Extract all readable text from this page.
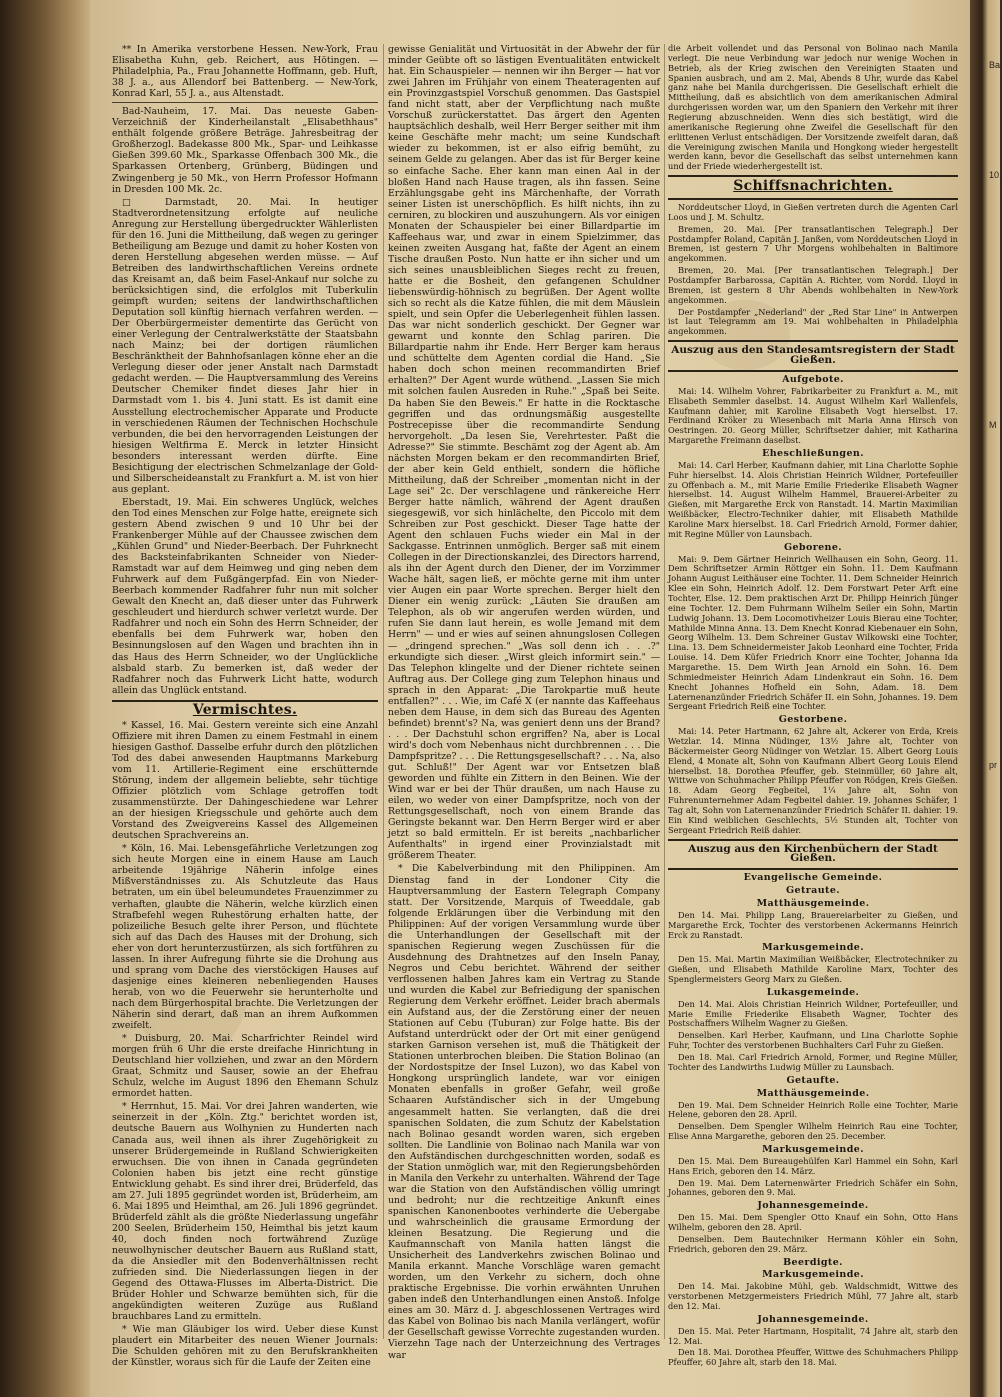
** In Amerika verstorbene Hessen. New-York, Frau Elisabetha Kuhn, geb. Reichert, aus Hötingen. — Philadelphia, Pa., Frau Johannette Hoffmann, geb. Huft, 38 J. a., aus Allendorf bei Battenberg. — New-York, Konrad Karl, 55 J. a., aus Altenstadt.

Bad-Nauheim, 17. Mai. Das neueste Gaben-Verzeichniß der Kinderheilanstalt „Elisabethhaus" enthält folgende größere Beträge. Jahresbeitrag der Großherzogl. Badekasse 800 Mk., Spar- und Leihkasse Gießen 399.60 Mk., Sparkasse Offenbach 300 Mk., die Sparkassen Ortenberg, Grünberg, Büdingen und Zwingenberg je 50 Mk., von Herrn Professor Hofmann in Dresden 100 Mk. 2c.

□ Darmstadt, 20. Mai. In heutiger Stadtverordnetensitzung erfolgte auf neuliche Anregung zur Herstellung übergedruckter Wählerlisten für den 16. Juni die Mittheilung, daß wegen zu geringer Betheiligung am Bezuge und damit zu hoher Kosten von deren Herstellung abgesehen werden müsse. — Auf Betreiben des landwirthschaftlichen Vereins ordnete das Kreisamt an, daß beim Fasel-Ankauf nur solche zu berücksichtigen sind, die erfolglos mit Tuberkulin geimpft wurden; seitens der landwirthschaftlichen Deputation soll künftig hiernach verfahren werden. — Der Oberbürgermeister dementirte das Gerücht von einer Verlegung der Centralwerkstätte der Staatsbahn nach Mainz; bei der dortigen räumlichen Beschränktheit der Bahnhofsanlagen könne eher an die Verlegung dieser oder jener Anstalt nach Darmstadt gedacht werden. — Die Hauptversammlung des Vereins Deutscher Chemiker findet dieses Jahr hier in Darmstadt vom 1. bis 4. Juni statt. Es ist damit eine Ausstellung electrochemischer Apparate und Producte in verschiedenen Räumen der Technischen Hochschule verbunden, die bei den hervorragenden Leistungen der hiesigen Weltfirma E. Merck in letzter Hinsicht besonders interessant werden dürfte. Eine Besichtigung der electrischen Schmelzanlage der Gold- und Silberscheideanstalt zu Frankfurt a. M. ist von hier aus geplant.

Eberstadt, 19. Mai. Ein schweres Unglück, welches den Tod eines Menschen zur Folge hatte, ereignete sich gestern Abend zwischen 9 und 10 Uhr bei der Frankenberger Mühle auf der Chaussee zwischen dem „Kühlen Grund" und Nieder-Beerbach. Der Fuhrknecht des Backsteinfabrikanten Schneider von Nieder-Ramstadt war auf dem Heimweg und ging neben dem Fuhrwerk auf dem Fußgängerpfad. Ein von Nieder-Beerbach kommender Radfahrer fuhr nun mit solcher Gewalt den Knecht an, daß dieser unter das Fuhrwerk geschleudert und hierdurch schwer verletzt wurde. Der Radfahrer und noch ein Sohn des Herrn Schneider, der ebenfalls bei dem Fuhrwerk war, hoben den Besinnungslosen auf den Wagen und brachten ihn in das Haus des Herrn Schneider, wo der Unglückliche alsbald starb. Zu bemerken ist, daß weder der Radfahrer noch das Fuhrwerk Licht hatte, wodurch allein das Unglück entstand.

Vermischtes.

* Kassel, 16. Mai. Gestern vereinte sich eine Anzahl Offiziere mit ihren Damen zu einem Festmahl in einem hiesigen Gasthof. Dasselbe erfuhr durch den plötzlichen Tod des dabei anwesenden Hauptmanns Markeburg vom 11. Artillerie-Regiment eine erschütternde Störung, indem der allgemein beliebte, sehr tüchtige Offizier plötzlich vom Schlage getroffen todt zusammenstürzte. Der Dahingeschiedene war Lehrer an der hiesigen Kriegsschule und gehörte auch dem Vorstand des Zweigvereins Kassel des Allgemeinen deutschen Sprachvereins an.

* Köln, 16. Mai. Lebensgefährliche Verletzungen zog sich heute Morgen eine in einem Hause am Lauch arbeitende 19jährige Näherin infolge eines Mißverständnisses zu. Als Schutzleute das Haus betraten, um ein übel beleumundetes Frauenzimmer zu verhaften, glaubte die Näherin, welche kürzlich einen Strafbefehl wegen Ruhestörung erhalten hatte, der polizeiliche Besuch gelte ihrer Person, und flüchtete sich auf das Dach des Hauses mit der Drohung, sich eher von dort herunterzustürzen, als sich fortführen zu lassen. In ihrer Aufregung führte sie die Drohung aus und sprang vom Dache des vierstöckigen Hauses auf dasjenige eines kleineren nebenliegenden Hauses herab, von wo die Feuerwehr sie herunterholte und nach dem Bürgerhospital brachte. Die Verletzungen der Näherin sind derart, daß man an ihrem Aufkommen zweifelt.

* Duisburg, 20. Mai. Scharfrichter Reindel wird morgen früh 6 Uhr die erste dreifache Hinrichtung in Deutschland hier vollziehen, und zwar an den Mördern Graat, Schmitz und Sauser, sowie an der Ehefrau Schulz, welche im August 1896 den Ehemann Schulz ermordet hatten.

* Herrnhut, 15. Mai. Vor drei Jahren wanderten, wie seinerzeit in der „Köln. Ztg." berichtet worden ist, deutsche Bauern aus Wolhynien zu Hunderten nach Canada aus, weil ihnen als ihrer Zugehörigkeit zu unserer Brüdergemeinde in Rußland Schwierigkeiten erwuchsen. Die von ihnen in Canada gegründeten Colonien haben bis jetzt eine recht günstige Entwicklung gehabt. Es sind ihrer drei, Brüderfeld, das am 27. Juli 1895 gegründet worden ist, Brüderheim, am 6. Mai 1895 und Heimthal, am 26. Juli 1896 gegründet. Brüderfeld zählt als die größte Niederlassung ungefähr 200 Seelen, Brüderheim 150, Heimthal bis jetzt kaum 40, doch finden noch fortwährend Zuzüge neuwolhynischer deutscher Bauern aus Rußland statt, da die Ansiedler mit den Bodenverhältnissen recht zufrieden sind. Die Niederlassungen liegen in der Gegend des Ottawa-Flusses im Alberta-District. Die Brüder Hohler und Schwarze bemühten sich, für die angekündigten weiteren Zuzüge aus Rußland brauchbares Land zu ermitteln.

* Wie man Gläubiger los wird. Ueber diese Kunst plaudert ein Mitarbeiter des neuen Wiener Journals: Die Schulden gehören mit zu den Berufskrankheiten der Künstler, woraus sich für die Laufe der Zeiten eine

gewisse Genialität und Virtuosität in der Abwehr der für minder Geübte oft so lästigen Eventualitäten entwickelt hat. Ein Schauspieler — nennen wir ihn Berger — hat vor zwei Jahren im Frühjahr von einem Theateragenten auf ein Provinzgastspiel Vorschuß genommen. Das Gastspiel fand nicht statt, aber der Verpflichtung nach mußte Vorschuß zurückerstattet. Das ärgert den Agenten hauptsächlich deshalb, weil Herr Berger seither mit ihm keine Geschäfte mehr macht; um seine Kundschaft wieder zu bekommen, ist er also eifrig bemüht, zu seinem Gelde zu gelangen. Aber das ist für Berger keine so einfache Sache. Eher kann man einen Aal in der bloßen Hand nach Hause tragen, als ihn fassen. Seine Erzählungsgabe geht ins Märchenhafte, der Vorrath seiner Listen ist unerschöpflich. Es hilft nichts, ihn zu cerniren, zu blockiren und auszuhungern. Als vor einigen Monaten der Schauspieler bei einer Billardpartie im Kaffeehaus war, und zwar in einem Spielzimmer, das keinen zweiten Ausgang hat, faßte der Agent an einem Tische draußen Posto. Nun hatte er ihn sicher und um sich seines unausbleiblichen Sieges recht zu freuen, hatte er die Bosheit, den gefangenen Schuldner liebenswürdig-höhnisch zu begrüßen. Der Agent wollte sich so recht als die Katze fühlen, die mit dem Mäuslein spielt, und sein Opfer die Ueberlegenheit fühlen lassen. Das war nicht sonderlich geschickt. Der Gegner war gewarnt und konnte den Schlag pariren. Die Billardpartie nahm ihr Ende. Herr Berger kam heraus und schüttelte dem Agenten cordial die Hand. „Sie haben doch schon meinen recommandirten Brief erhalten?" Der Agent wurde wüthend. „Lassen Sie mich mit solchen faulen Ausreden in Ruhe." „Spaß bei Seite. Da haben Sie den Beweis." Er hatte in die Rocktasche gegriffen und das ordnungsmäßig ausgestellte Postrecepisse über die recommandirte Sendung hervorgeholt. „Da lesen Sie, Verehrtester. Paßt die Adresse?" Sie stimmte. Beschämt zog der Agent ab. Am nächsten Morgen bekam er den recommandirten Brief, der aber kein Geld enthielt, sondern die höfliche Mittheilung, daß der Schreiber „momentan nicht in der Lage sei" 2c. Der verschlagene und ränkereiche Herr Berger hatte nämlich, während der Agent draußen siegesgewiß, vor sich hinlächelte, den Piccolo mit dem Schreiben zur Post geschickt. Dieser Tage hatte der Agent den schlauen Fuchs wieder ein Mal in der Sackgasse. Entrinnen unmöglich. Berger saß mit einem Collegen in der Directionskanzlei, des Directors harrend, als ihn der Agent durch den Diener, der im Vorzimmer Wache hält, sagen ließ, er möchte gerne mit ihm unter vier Augen ein paar Worte sprechen. Berger hielt den Diener ein wenig zurück: „Läuten Sie draußen am Telephon, als ob wir angerufen werden würden, und rufen Sie dann laut herein, es wolle Jemand mit dem Herrn" — und er wies auf seinen ahnungslosen Collegen — „dringend sprechen." „Was soll denn ich . . .?" erkundigte sich dieser. „Wirst gleich informirt sein." — Das Telephon klingelte und der Diener richtete seinen Auftrag aus. Der College ging zum Telephon hinaus und sprach in den Apparat: „Die Tarokpartie muß heute entfallen?" . . . Wie, im Café X (er nannte das Kaffeehaus neben dem Hause, in dem sich das Bureau des Agenten befindet) brennt's? Na, was geniert denn uns der Brand? . . . Der Dachstuhl schon ergriffen? Na, aber is Local wird's doch vom Nebenhaus nicht durchbrennen . . . Die Dampfspritze? . . . Die Rettungsgesellschaft? . . . Na, also gut. Schluß!" Der Agent war vor Entsetzen blaß geworden und fühlte ein Zittern in den Beinen. Wie der Wind war er bei der Thür draußen, um nach Hause zu eilen, wo weder von einer Dampfspritze, noch von der Rettungsgesellschaft, noch von einem Brande das Geringste bekannt war. Den Herrn Berger wird er aber jetzt so bald ermitteln. Er ist bereits „nachbarlicher Aufenthalts" in irgend einer Provinzialstadt mit größerem Theater.

* Die Kabelverbindung mit den Philippinen. Am Dienstag fand in der Londoner City die Hauptversammlung der Eastern Telegraph Company statt. Der Vorsitzende, Marquis of Tweeddale, gab folgende Erklärungen über die Verbindung mit den Philippinen: Auf der vorigen Versammlung wurde über die Unterhandlungen der Gesellschaft mit der spanischen Regierung wegen Zuschüssen für die Ausdehnung des Drahtnetzes auf den Inseln Panay, Negros und Cebu berichtet. Während der seither verflossenen halben Jahres kam ein Vertrag zu Stande und wurden die Kabel zur Befriedigung der spanischen Regierung dem Verkehr eröffnet. Leider brach abermals ein Aufstand aus, der die Zerstörung einer der neuen Stationen auf Cebu (Tuburan) zur Folge hatte. Bis der Aufstand unterdrückt oder der Ort mit einer genügend starken Garnison versehen ist, muß die Thätigkeit der Stationen unterbrochen bleiben. Die Station Bolinao (an der Nordostspitze der Insel Luzon), wo das Kabel von Hongkong ursprünglich landete, war vor einigen Monaten ebenfalls in großer Gefahr, weil große Schaaren Aufständischer sich in der Umgebung angesammelt hatten. Sie verlangten, daß die drei spanischen Soldaten, die zum Schutz der Kabelstation nach Bolinao gesandt worden waren, sich ergeben sollten. Die Landlinie von Bolinao nach Manila war von den Aufständischen durchgeschnitten worden, sodaß es der Station unmöglich war, mit den Regierungsbehörden in Manila den Verkehr zu unterhalten. Während der Tage war die Station von den Aufständischen völlig umringt und bedroht; nur die rechtzeitige Ankunft eines spanischen Kanonenbootes verhinderte die Uebergabe und wahrscheinlich die grausame Ermordung der kleinen Besatzung. Die Regierung und die Kaufmannschaft von Manila hatten längst die Unsicherheit des Landverkehrs zwischen Bolinao und Manila erkannt. Manche Vorschläge waren gemacht worden, um den Verkehr zu sichern, doch ohne praktische Ergebnisse. Die vorhin erwähnten Unruhen gaben indeß den Unterhandlungen einen Anstoß. Infolge eines am 30. März d. J. abgeschlossenen Vertrages wird das Kabel von Bolinao bis nach Manila verlängert, wofür der Gesellschaft gewisse Vorrechte zugestanden wurden. Vierzehn Tage nach der Unterzeichnung des Vertrages war

die Arbeit vollendet und das Personal von Bolinao nach Manila verlegt. Die neue Verbindung war jedoch nur wenige Wochen in Betrieb, als der Krieg zwischen den Vereinigten Staaten und Spanien ausbrach, und am 2. Mai, Abends 8 Uhr, wurde das Kabel ganz nahe bei Manila durchgerissen. Die Gesellschaft erhielt die Mittheilung, daß es absichtlich von dem amerikanischen Admiral durchgerissen worden war, um den Spaniern den Verkehr mit ihrer Regierung abzuschneiden. Wenn dies sich bestätigt, wird die amerikanische Regierung ohne Zweifel die Gesellschaft für den erlittenen Verlust entschädigen. Der Vorsitzende zweifelt daran, daß die Vereinigung zwischen Manila und Hongkong wieder hergestellt werden kann, bevor die Gesellschaft das selbst unternehmen kann und der Friede wiederhergestellt ist.

Schiffsnachrichten.

Norddeutscher Lloyd, in Gießen vertreten durch die Agenten Carl Loos und J. M. Schultz.

Bremen, 20. Mai. [Per transatlantischen Telegraph.] Der Postdampfer Roland, Capitän J. Janßen, vom Norddeutschen Lloyd in Bremen, ist gestern 7 Uhr Morgens wohlbehalten in Baltimore angekommen.

Bremen, 20. Mai. [Per transatlantischen Telegraph.] Der Postdampfer Barbarossa, Capitän A. Richter, vom Nordd. Lloyd in Bremen, ist gestern 8 Uhr Abends wohlbehalten in New-York angekommen.

Der Postdampfer „Nederland" der „Red Star Line" in Antwerpen ist laut Telegramm am 19. Mai wohlbehalten in Philadelphia angekommen.

Auszug aus den Standesamtsregistern der Stadt Gießen.
Aufgebote.

Mai: 14. Wilhelm Vohrer, Fabrikarbeiter zu Frankfurt a. M., mit Elisabeth Semmler daselbst. 14. August Wilhelm Karl Wallenfels, Kaufmann dahier, mit Karoline Elisabeth Vogt hierselbst. 17. Ferdinand Kröker zu Wiesenbach mit Maria Anna Hirsch von Oestringen. 20. Georg Müller, Schriftsetzer dahier, mit Katharina Margarethe Freimann daselbst.

Eheschließungen.

Mai: 14. Carl Herber, Kaufmann dahier, mit Lina Charlotte Sophie Fuhr hierselbst. 14. Alois Christian Heinrich Wildner, Portefeuiller zu Offenbach a. M., mit Marie Emilie Friederike Elisabeth Wagner hierselbst. 14. August Wilhelm Hammel, Brauerei-Arbeiter zu Gießen, mit Margarethe Erck von Ranstadt. 14. Martin Maximilian Weißbäcker, Electro-Techniker dahier, mit Elisabeth Mathilde Karoline Marx hierselbst. 18. Carl Friedrich Arnold, Former dahier, mit Regine Müller von Launsbach.

Geborene.

Mai: 9. Dem Gärtner Heinrich Wellhausen ein Sohn, Georg. 11. Dem Schriftsetzer Armin Röttger ein Sohn. 11. Dem Kaufmann Johann August Leithäuser eine Tochter. 11. Dem Schneider Heinrich Klee ein Sohn, Heinrich Adolf. 12. Dem Forstwart Peter Arft eine Tochter, Else. 12. Dem praktischen Arzt Dr. Philipp Heinrich Jünger eine Tochter. 12. Dem Fuhrmann Wilhelm Seiler ein Sohn, Martin Ludwig Johann. 13. Dem Locomotivheizer Louis Bierau eine Tochter, Mathilde Minna Anna. 13. Dem Knecht Konrad Kiebenauer ein Sohn, Georg Wilhelm. 13. Dem Schreiner Gustav Wilkowski eine Tochter, Lina. 13. Dem Schneidermeister Jakob Leonhard eine Tochter, Frida Louise. 14. Dem Küfer Friedrich Knorr eine Tochter, Johanna Ida Margarethe. 15. Dem Wirth Jean Arnold ein Sohn. 16. Dem Schmiedmeister Heinrich Adam Lindenkraut ein Sohn. 16. Dem Knecht Johannes Hofheld ein Sohn, Adam. 18. Dem Laternenanzünder Friedrich Schäfer II. ein Sohn, Johannes. 19. Dem Sergeant Friedrich Reiß eine Tochter.

Gestorbene.

Mai: 14. Peter Hartmann, 62 Jahre alt, Ackerer von Erda, Kreis Wetzlar. 14. Minna Nüdinger, 13½ Jahre alt, Tochter von Bäckermeister Georg Nüdinger von Wetzlar. 15. Albert Georg Louis Elend, 4 Monate alt, Sohn von Kaufmann Albert Georg Louis Elend hierselbst. 18. Dorothea Pfeuffer, geb. Steinmüller, 60 Jahre alt, Wittwe von Schuhmacher Philipp Pfeuffer von Rödgen, Kreis Gießen. 18. Adam Georg Fegbeitel, 1¼ Jahre alt, Sohn von Fuhrenunternehmer Adam Fegbeitel dahier. 19. Johannes Schäfer, 1 Tag alt, Sohn von Laternenanzünder Friedrich Schäfer II. dahier. 19. Ein Kind weiblichen Geschlechts, 5½ Stunden alt, Tochter von Sergeant Friedrich Reiß dahier.

Auszug aus den Kirchenbüchern der Stadt Gießen.
Evangelische Gemeinde.
Getraute.
Matthäusgemeinde.

Den 14. Mai. Philipp Lang, Brauereiarbeiter zu Gießen, und Margarethe Erck, Tochter des verstorbenen Ackermanns Heinrich Erck zu Ranstadt.

Markusgemeinde.

Den 15. Mai. Martin Maximilian Weißbäcker, Electrotechniker zu Gießen, und Elisabeth Mathilde Karoline Marx, Tochter des Spenglermeisters Georg Marx zu Gießen.

Lukasgemeinde.

Den 14. Mai. Alois Christian Heinrich Wildner, Portefeuiller, und Marie Emilie Friederike Elisabeth Wagner, Tochter des Postschaffners Wilhelm Wagner zu Gießen.

Denselben. Karl Herber, Kaufmann, und Lina Charlotte Sophie Fuhr, Tochter des verstorbenen Buchhalters Carl Fuhr zu Gießen.

Den 18. Mai. Carl Friedrich Arnold, Former, und Regine Müller, Tochter des Landwirths Ludwig Müller zu Launsbach.

Getaufte.
Matthäusgemeinde.

Den 19. Mai. Dem Schneider Heinrich Rolle eine Tochter, Marie Helene, geboren den 28. April.

Denselben. Dem Spengler Wilhelm Heinrich Rau eine Tochter, Elise Anna Margarethe, geboren den 25. December.

Markusgemeinde.

Den 15. Mai. Dem Bureaugehülfen Karl Hammel ein Sohn, Karl Hans Erich, geboren den 14. März.

Den 19. Mai. Dem Laternenwärter Friedrich Schäfer ein Sohn, Johannes, geboren den 9. Mai.

Johannesgemeinde.

Den 15. Mai. Dem Spengler Otto Knauf ein Sohn, Otto Hans Wilhelm, geboren den 28. April.

Denselben. Dem Bautechniker Hermann Köhler ein Sohn, Friedrich, geboren den 29. März.

Beerdigte.
Markusgemeinde.

Den 14. Mai. Jakobine Mühl, geb. Waldschmidt, Wittwe des verstorbenen Metzgermeisters Friedrich Mühl, 77 Jahre alt, starb den 12. Mai.

Johannesgemeinde.

Den 15. Mai. Peter Hartmann, Hospitalit, 74 Jahre alt, starb den 12. Mai.

Den 18. Mai. Dorothea Pfeuffer, Wittwe des Schuhmachers Philipp Pfeuffer, 60 Jahre alt, starb den 18. Mai.

Ba
10,
M
pr
